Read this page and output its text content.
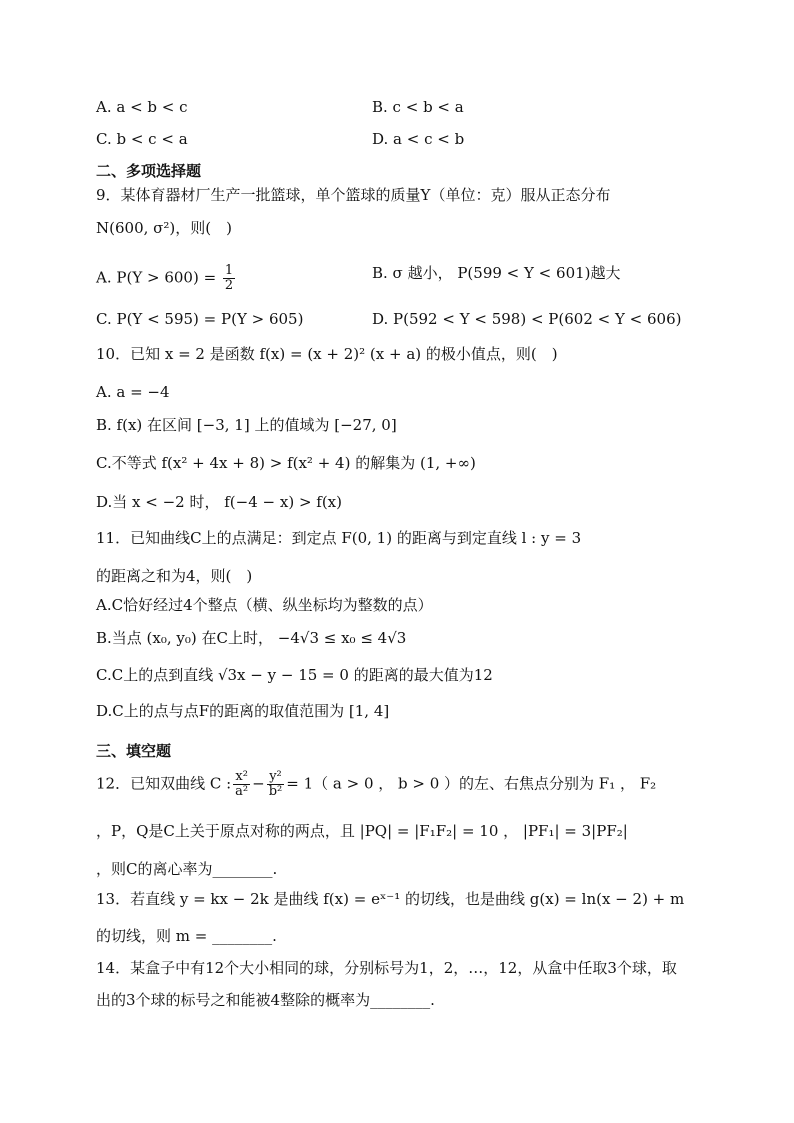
A. a < b < c	B. c < b < a
C. b < c < a	D. a < c < b
二、多项选择题
9．某体育器材厂生产一批篮球，单个篮球的质量Y（单位：克）服从正态分布
N(600, σ²)，则(　)
A. $P(Y > 600) = \frac{1}{2}$	B. σ 越小， P(599 < Y < 601)越大
C. P(Y < 595) = P(Y > 605)	D. P(592 < Y < 598) < P(602 < Y < 606)
10．已知 x = 2 是函数 f(x) = (x + 2)² (x + a) 的极小值点，则(　)
A. a = −4
B. f(x) 在区间 [−3, 1] 上的值域为 [−27, 0]
C.不等式 f(x² + 4x + 8) > f(x² + 4) 的解集为 (1, +∞)
D.当 x < −2 时， f(−4 − x) > f(x)
11．已知曲线C上的点满足：到定点 F(0, 1) 的距离与到定直线 l : y = 3
的距离之和为4，则(　)
A.C恰好经过4个整点（横、纵坐标均为整数的点）
B.当点 (x₀, y₀) 在C上时， −4√3 ≤ x₀ ≤ 4√3
C.C上的点到直线 √3x − y − 15 = 0 的距离的最大值为12
D.C上的点与点F的距离的取值范围为 [1, 4]
三、填空题
12．已知双曲线 C : $\frac{\text{x²}}{\text{a²}} - \frac{\text{y²}}{\text{b²}} = 1$（ a > 0 ， b > 0 ）的左、右焦点分别为 F₁ ， F₂
，P，Q是C上关于原点对称的两点，且 |PQ| = |F₁F₂| = 10 ， |PF₁| = 3|PF₂|
，则C的离心率为________.
13．若直线 y = kx − 2k 是曲线 f(x) = eˣ⁻¹ 的切线，也是曲线 g(x) = ln(x − 2) + m
的切线，则 m = ________.
14．某盒子中有12个大小相同的球，分别标号为1，2，…，12，从盒中任取3个球，取
出的3个球的标号之和能被4整除的概率为________.
